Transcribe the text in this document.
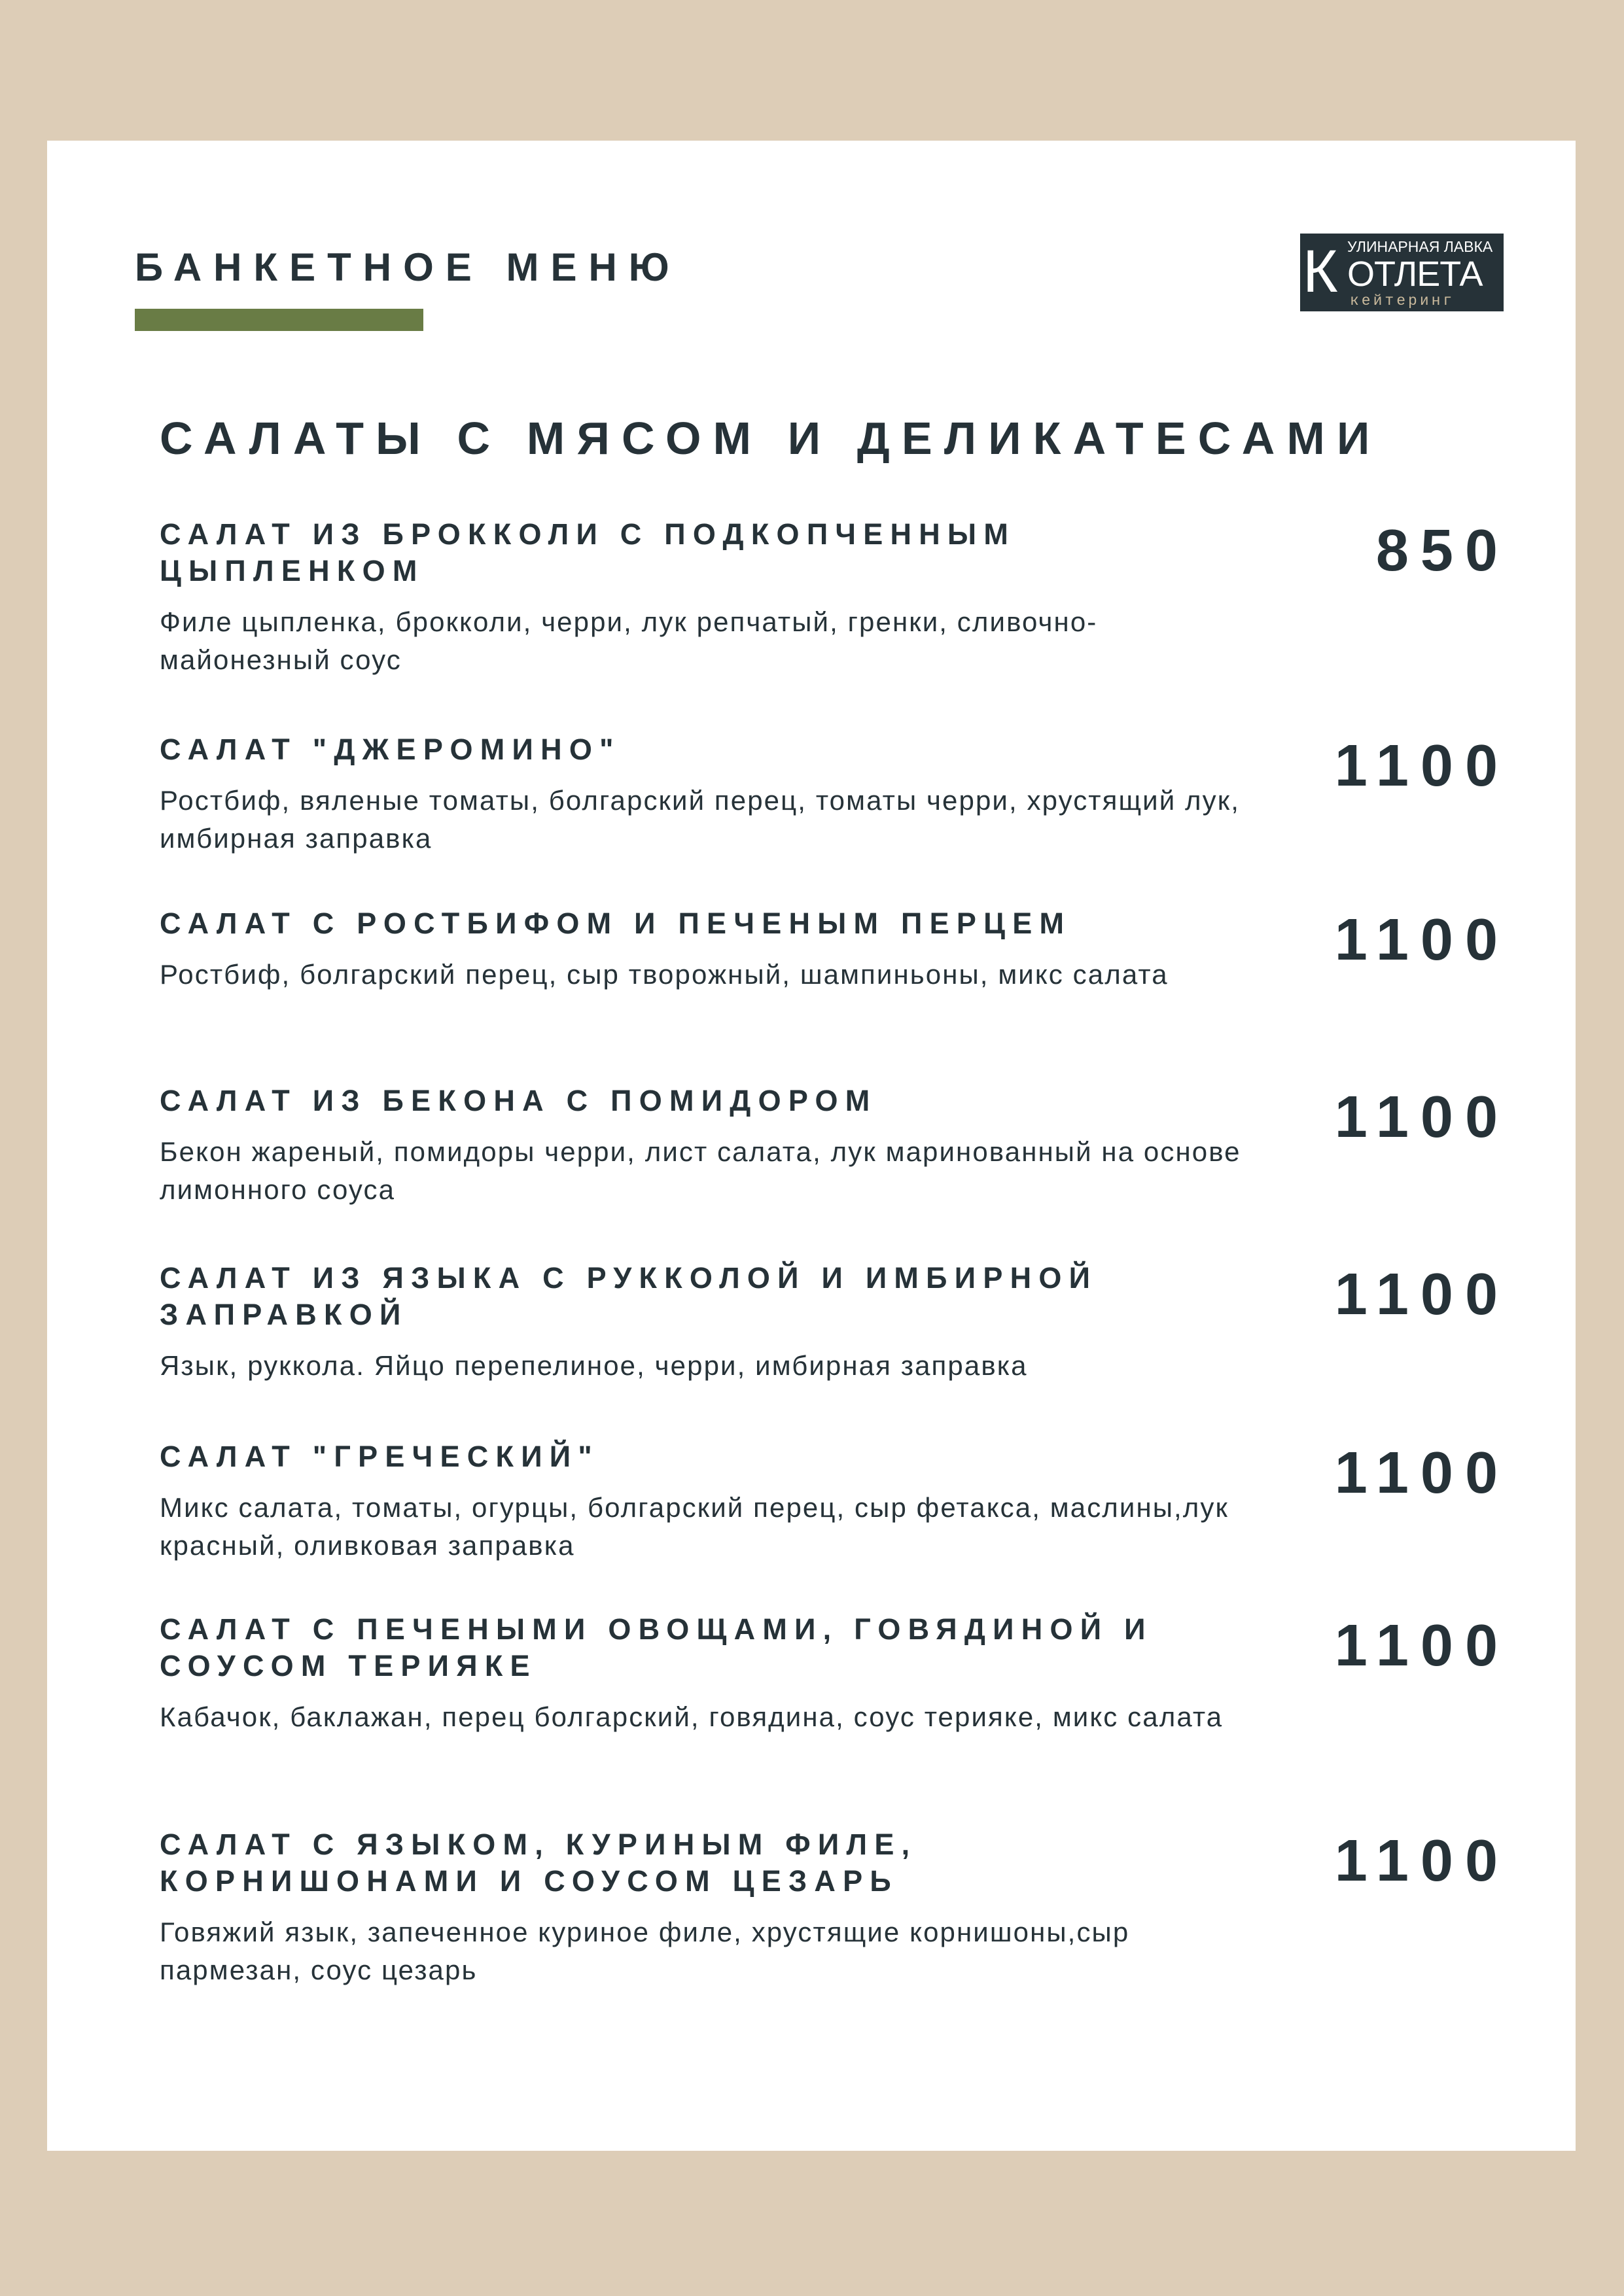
БАНКЕТНОЕ МЕНЮ	К УЛИНАРНАЯ ЛАВКА
ОТЛЕТА
кейтеринг
САЛАТЫ С МЯСОМ И ДЕЛИКАТЕСАМИ
САЛАТ ИЗ БРОККОЛИ С ПОДКОПЧЕННЫМ ЦЫПЛЕНКОМ
Филе цыпленка, брокколи, черри, лук репчатый, гренки, сливочно-майонезный соус
850
САЛАТ "ДЖЕРОМИНО"
Ростбиф, вяленые томаты, болгарский перец, томаты черри, хрустящий лук, имбирная заправка
1100
САЛАТ С РОСТБИФОМ И ПЕЧЕНЫМ ПЕРЦЕМ
Ростбиф, болгарский перец, сыр творожный, шампиньоны, микс салата
1100
САЛАТ ИЗ БЕКОНА С ПОМИДОРОМ
Бекон жареный, помидоры черри, лист салата, лук маринованный на основе лимонного соуса
1100
САЛАТ ИЗ ЯЗЫКА С РУККОЛОЙ И ИМБИРНОЙ ЗАПРАВКОЙ
Язык, руккола. Яйцо перепелиное, черри, имбирная заправка
1100
САЛАТ "ГРЕЧЕСКИЙ"
Микс салата, томаты, огурцы, болгарский перец, сыр фетакса, маслины,лук красный, оливковая заправка
1100
САЛАТ С ПЕЧЕНЫМИ ОВОЩАМИ, ГОВЯДИНОЙ И СОУСОМ ТЕРИЯКЕ
Кабачок, баклажан, перец болгарский, говядина, соус терияке, микс салата
1100
САЛАТ С ЯЗЫКОМ, КУРИНЫМ ФИЛЕ, КОРНИШОНАМИ И СОУСОМ ЦЕЗАРЬ
Говяжий язык, запеченное куриное филе, хрустящие корнишоны,сыр пармезан, соус цезарь
1100
